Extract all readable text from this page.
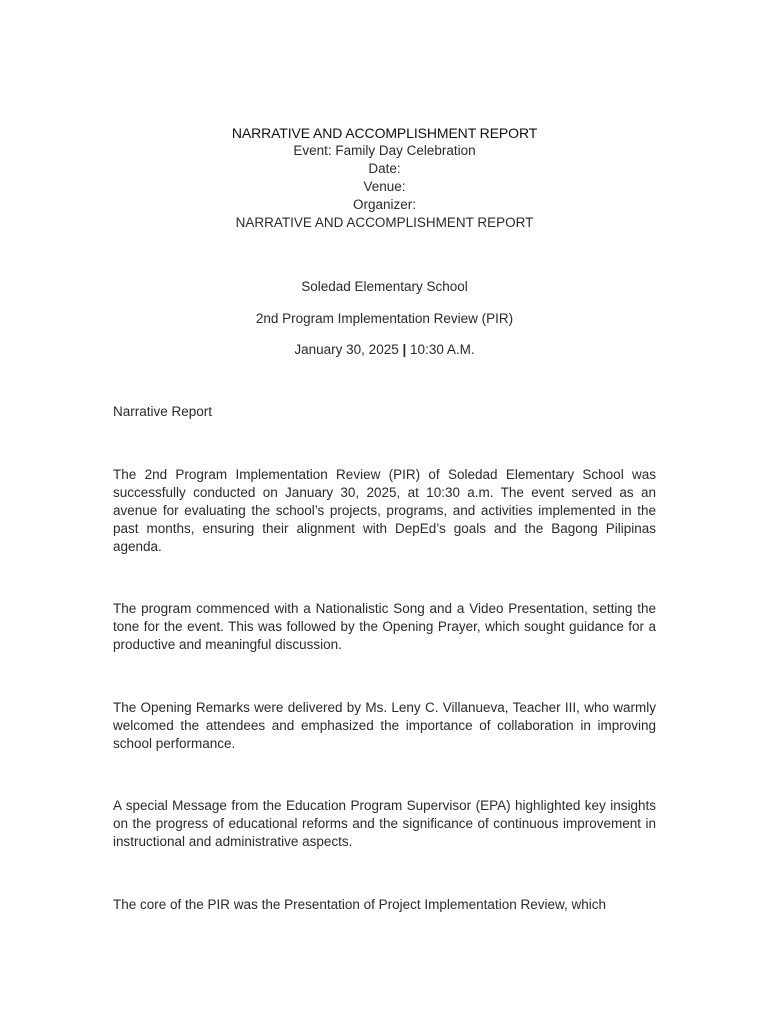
NARRATIVE AND ACCOMPLISHMENT REPORT
Event: Family Day Celebration
Date:
Venue:
Organizer:
NARRATIVE AND ACCOMPLISHMENT REPORT
Soledad Elementary School
2nd Program Implementation Review (PIR)
January 30, 2025 | 10:30 A.M.
Narrative Report
The 2nd Program Implementation Review (PIR) of Soledad Elementary School was successfully conducted on January 30, 2025, at 10:30 a.m. The event served as an avenue for evaluating the school’s projects, programs, and activities implemented in the past months, ensuring their alignment with DepEd’s goals and the Bagong Pilipinas agenda.
The program commenced with a Nationalistic Song and a Video Presentation, setting the tone for the event. This was followed by the Opening Prayer, which sought guidance for a productive and meaningful discussion.
The Opening Remarks were delivered by Ms. Leny C. Villanueva, Teacher III, who warmly welcomed the attendees and emphasized the importance of collaboration in improving school performance.
A special Message from the Education Program Supervisor (EPA) highlighted key insights on the progress of educational reforms and the significance of continuous improvement in instructional and administrative aspects.
The core of the PIR was the Presentation of Project Implementation Review, which
